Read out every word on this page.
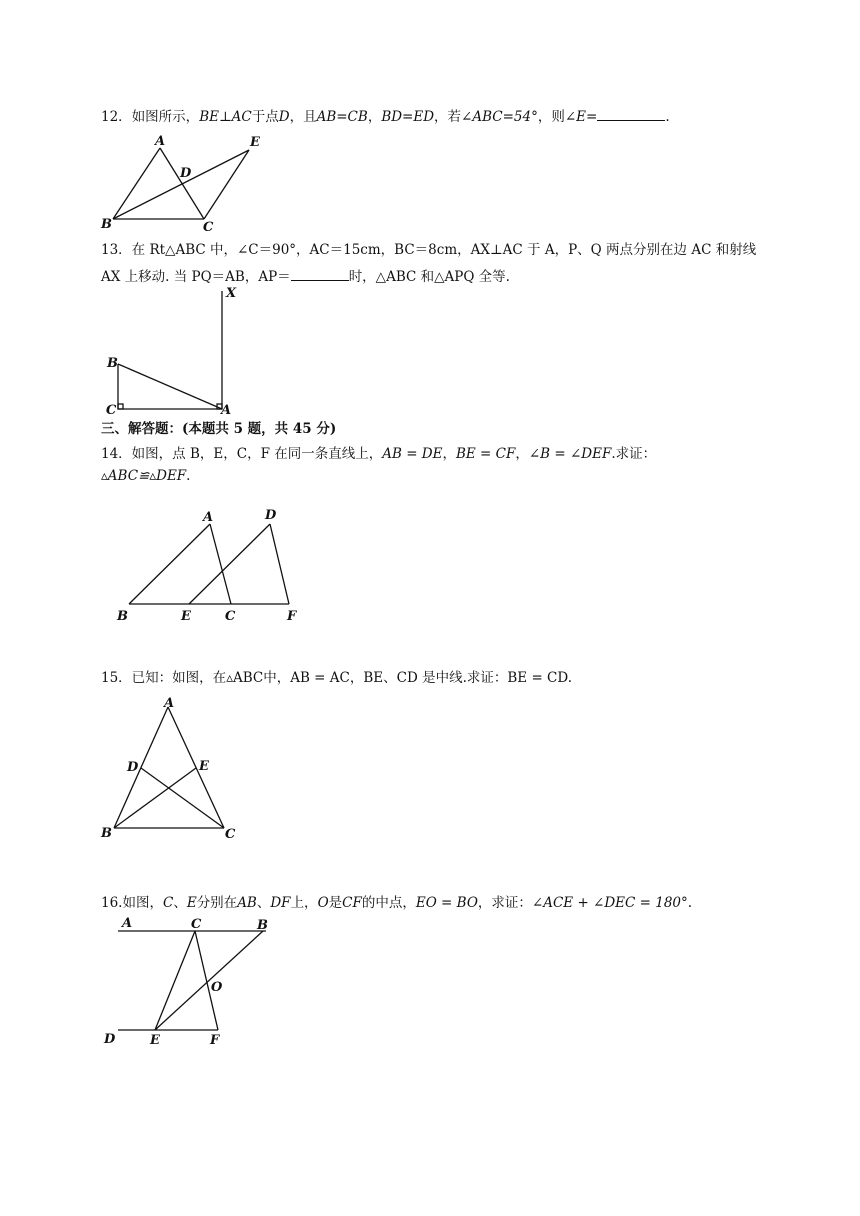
12．如图所示，BE⊥AC于点D，且AB=CB，BD=ED，若∠ABC=54°，则∠E=	.
A
D
E
B	C
13．在 Rt△ABC 中，∠C＝90°，AC＝15cm，BC＝8cm，AX⊥AC 于 A，P、Q 两点分别在边 AC 和射线
AX 上移动. 当 PQ＝AB，AP＝	时，△ABC 和△APQ 全等.
X
B
C	A
三、解答题：(本题共 5 题，共 45 分)
14．如图，点 B，E，C，F 在同一条直线上，AB = DE，BE = CF，∠B = ∠DEF.求证：
▵ABC≌▵DEF.
A	D
B	E	C	F
15．已知：如图，在▵ABC中，AB = AC，BE、CD 是中线.求证：BE = CD.
A
D	E
B	C
16.如图，C、E分别在AB、DF上，O是CF的中点，EO = BO，求证：∠ACE + ∠DEC = 180°.
A	C	B
O
D	E	F
